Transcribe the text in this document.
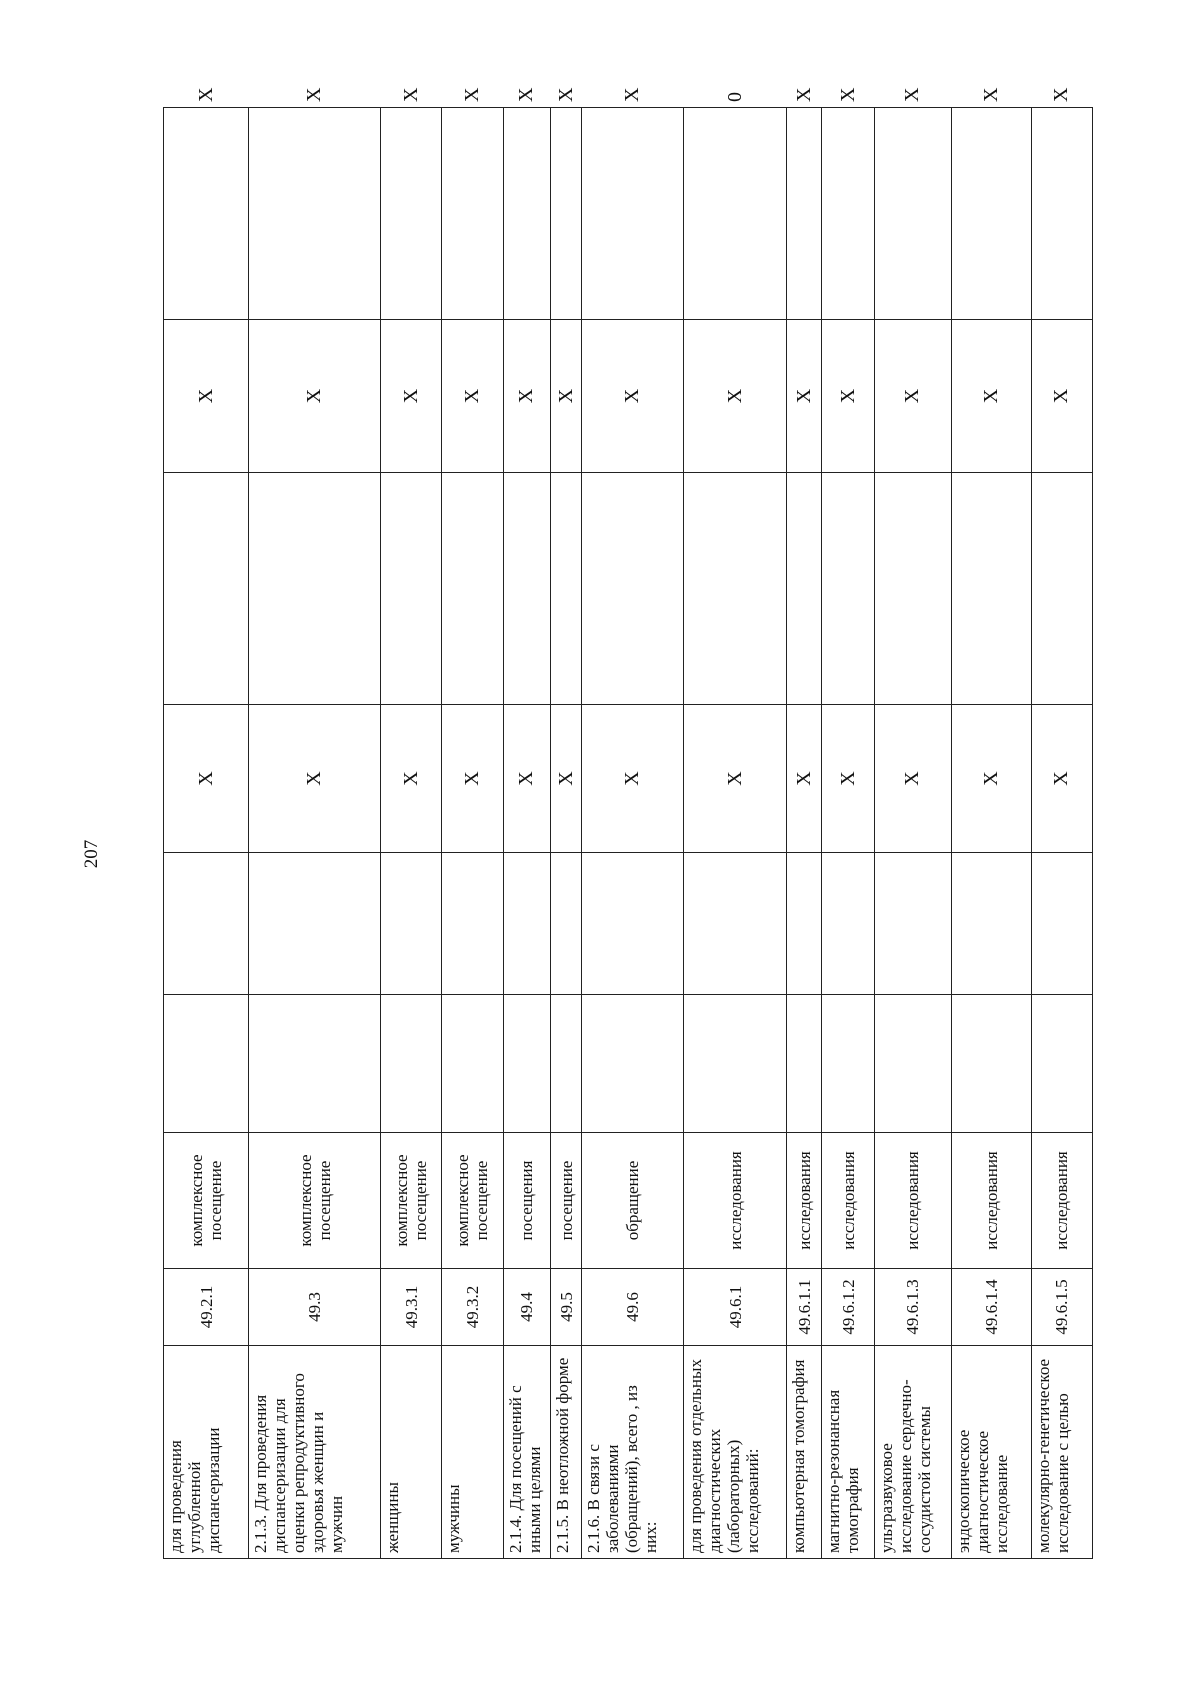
207
для проведения углубленной диспансеризации	49.2.1	комплексное посещение			X		X		X
2.1.3. Для проведения диспансеризации для оценки репродуктивного здоровья женщин и мужчин	49.3	комплексное посещение			X		X		X
женщины	49.3.1	комплексное посещение			X		X		X
мужчины	49.3.2	комплексное посещение			X		X		X
2.1.4. Для посещений с иными целями	49.4	посещения			X		X		X
2.1.5. В неотложной форме	49.5	посещение			X		X		X
2.1.6. В связи с заболеваниями (обращений), всего , из них:	49.6	обращение			X		X		X
для проведения отдельных диагностических (лабораторных) исследований:	49.6.1	исследования			X		X		0
компьютерная томография	49.6.1.1	исследования			X		X		X
магнитно-резонансная томография	49.6.1.2	исследования			X		X		X
ультразвуковое исследование сердечно-сосудистой системы	49.6.1.3	исследования			X		X		X
эндоскопическое диагностическое исследование	49.6.1.4	исследования			X		X		X
молекулярно-генетическое исследование с целью	49.6.1.5	исследования			X		X		X
